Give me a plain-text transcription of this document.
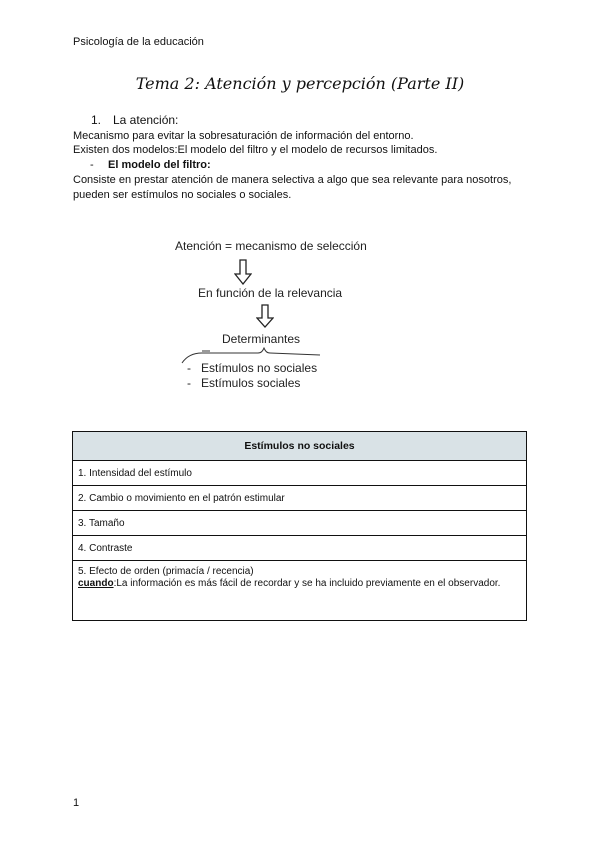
Psicología de la educación
Tema 2: Atención y percepción (Parte II)
1. La atención:
Mecanismo para evitar la sobresaturación de información del entorno.
Existen dos modelos:El modelo del filtro y el modelo de recursos limitados.
- El modelo del filtro:
Consiste en prestar atención de manera selectiva a algo que sea relevante para nosotros,
pueden ser estímulos no sociales o sociales.
Atención = mecanismo de selección
En función de la relevancia
Determinantes
- Estímulos no sociales
- Estímulos sociales
Estímulos no sociales
1. Intensidad del estímulo
2. Cambio o movimiento en el patrón estimular
3. Tamaño
4. Contraste

5. Efecto de orden (primacía / recencia)
cuando:La información es más fácil de recordar y se ha incluido previamente en el observador.
1
